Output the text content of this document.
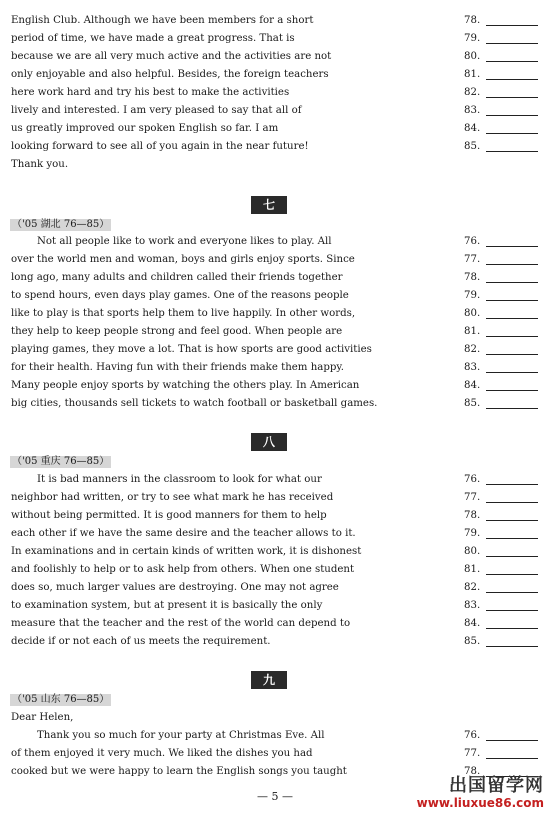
English Club. Although we have been members for a short
period of time, we have made a great progress. That is
because we are all very much active and the activities are not
only enjoyable and also helpful. Besides, the foreign teachers
here work hard and try his best to make the activities
lively and interested. I am very pleased to say that all of
us greatly improved our spoken English so far. I am
looking forward to see all of you again in the near future!
Thank you.
78.
79.
80.
81.
82.
83.
84.
85.
七
（'05 湖北 76—85）
Not all people like to work and everyone likes to play. All
over the world men and woman, boys and girls enjoy sports. Since
long ago, many adults and children called their friends together
to spend hours, even days play games. One of the reasons people
like to play is that sports help them to live happily. In other words,
they help to keep people strong and feel good. When people are
playing games, they move a lot. That is how sports are good activities
for their health. Having fun with their friends make them happy.
Many people enjoy sports by watching the others play. In American
big cities, thousands sell tickets to watch football or basketball games.
76.
77.
78.
79.
80.
81.
82.
83.
84.
85.
八
（'05 重庆 76—85）
It is bad manners in the classroom to look for what our
neighbor had written, or try to see what mark he has received
without being permitted. It is good manners for them to help
each other if we have the same desire and the teacher allows to it.
In examinations and in certain kinds of written work, it is dishonest
and foolishly to help or to ask help from others. When one student
does so, much larger values are destroying. One may not agree
to examination system, but at present it is basically the only
measure that the teacher and the rest of the world can depend to
decide if or not each of us meets the requirement.
76.
77.
78.
79.
80.
81.
82.
83.
84.
85.
九
（'05 山东 76—85）
Dear Helen,
Thank you so much for your party at Christmas Eve. All
of them enjoyed it very much. We liked the dishes you had
cooked but we were happy to learn the English songs you taught
76.
77.
78.
— 5 —
出国留学网
www.liuxue86.com
